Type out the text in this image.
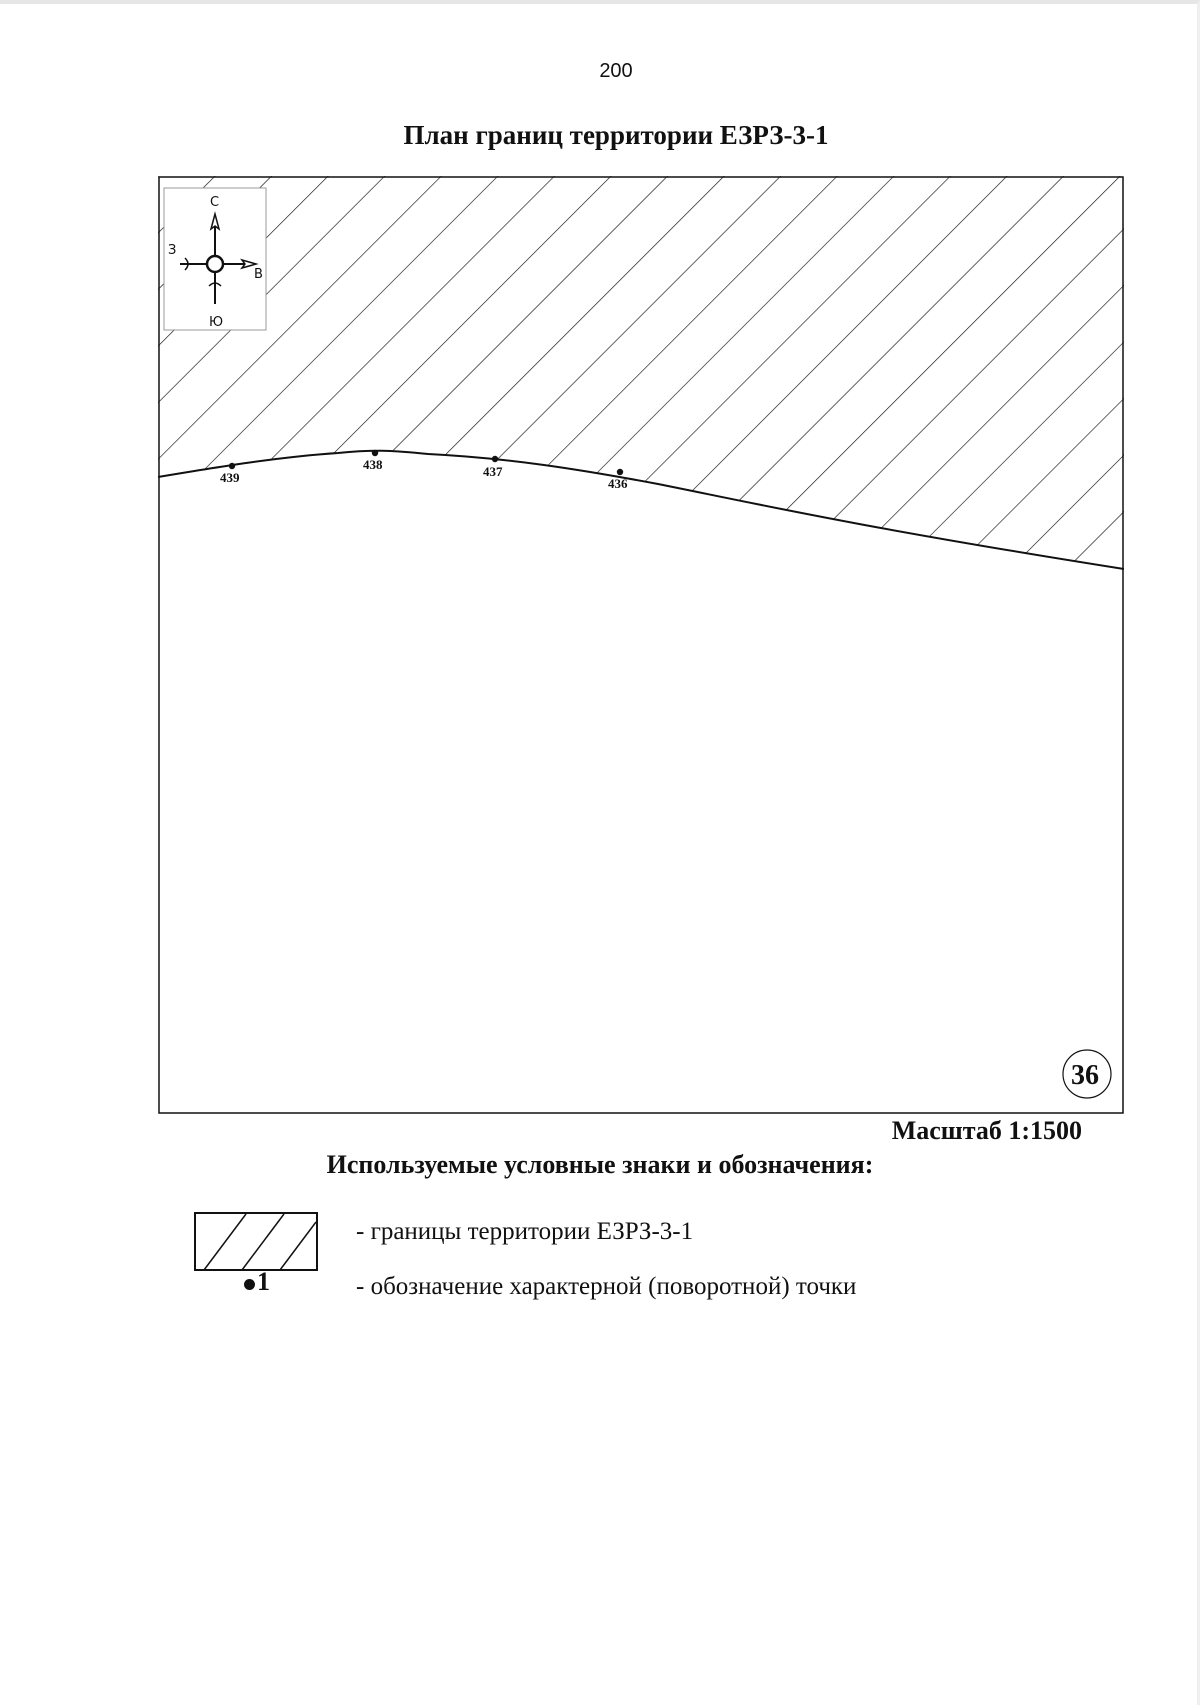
200
План границ территории ЕЗРЗ-3-1
С
З
В
Ю
439
438	437
436
36
Масштаб 1:1500
Используемые условные знаки и обозначения:
1
- границы территории ЕЗРЗ-3-1
- обозначение характерной (поворотной) точки
